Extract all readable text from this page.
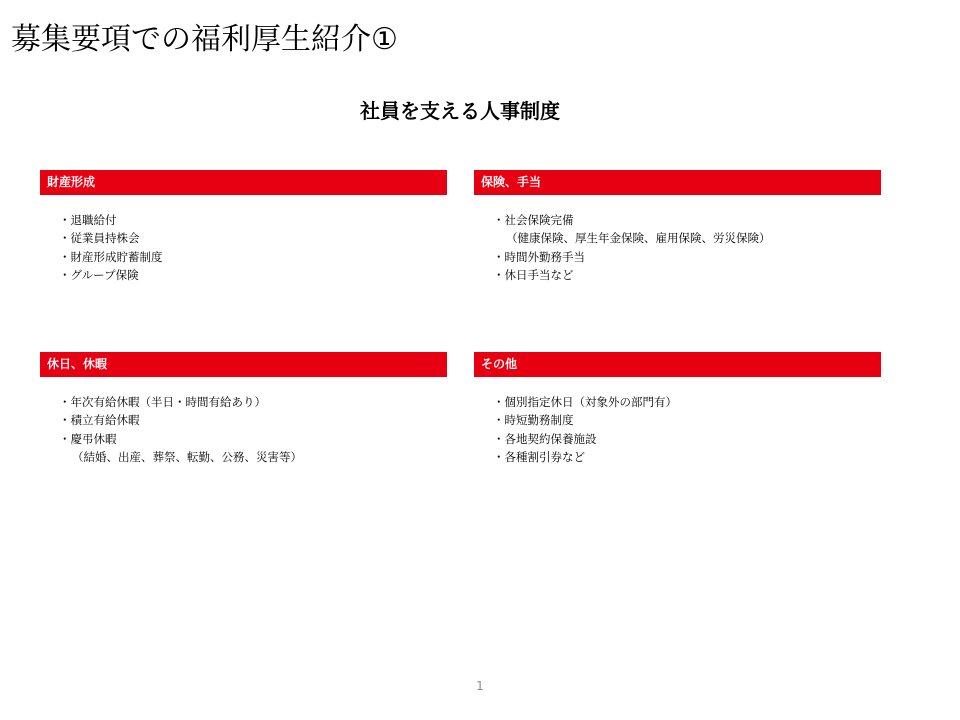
募集要項での福利厚生紹介①
社員を支える人事制度
財産形成
・退職給付
・従業員持株会
・財産形成貯蓄制度
・グループ保険
保険、手当
・社会保険完備
（健康保険、厚生年金保険、雇用保険、労災保険）
・時間外勤務手当
・休日手当など
休日、休暇
・年次有給休暇（半日・時間有給あり）
・積立有給休暇
・慶弔休暇
（結婚、出産、葬祭、転勤、公務、災害等）
その他
・個別指定休日（対象外の部門有）
・時短勤務制度
・各地契約保養施設
・各種割引券など
1
